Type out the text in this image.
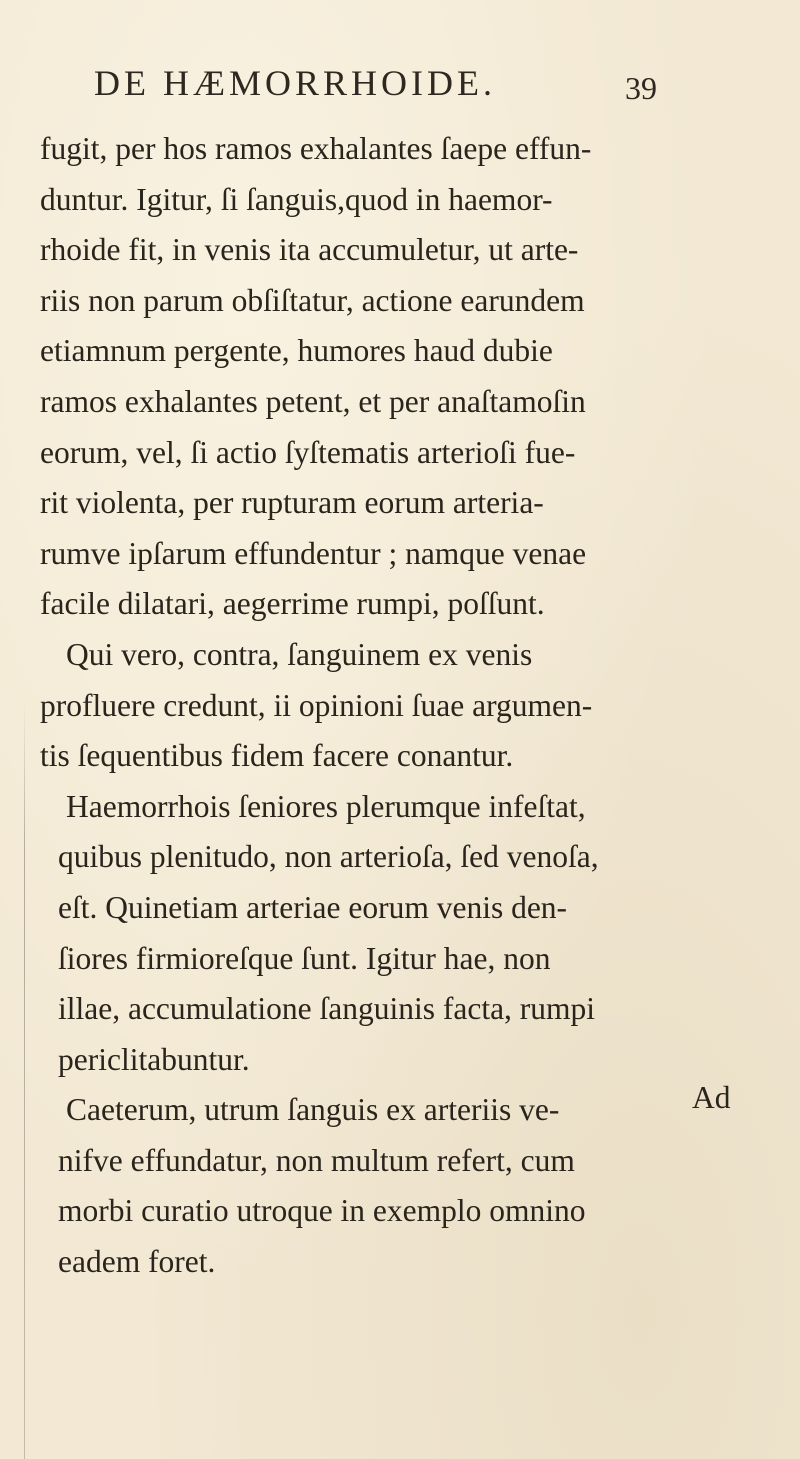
DE HÆMORRHOIDE.	39
fugit, per hos ramos exhalantes ſaepe effun-
duntur. Igitur, ſi ſanguis,quod in haemor-
rhoide fit, in venis ita accumuletur, ut arte-
riis non parum obſiſtatur, actione earundem
etiamnum pergente, humores haud dubie
ramos exhalantes petent, et per anaſtamoſin
eorum, vel, ſi actio ſyſtematis arterioſi fue-
rit violenta, per rupturam eorum arteria-
rumve ipſarum effundentur ; namque venae
facile dilatari, aegerrime rumpi, poſſunt.
Qui vero, contra, ſanguinem ex venis
profluere credunt, ii opinioni ſuae argumen-
tis ſequentibus fidem facere conantur.
Haemorrhois ſeniores plerumque infeſtat,
quibus plenitudo, non arterioſa, ſed venoſa,
eſt. Quinetiam arteriae eorum venis den-
ſiores firmioreſque ſunt. Igitur hae, non
illae, accumulatione ſanguinis facta, rumpi
periclitabuntur.
Caeterum, utrum ſanguis ex arteriis ve-
nifve effundatur, non multum refert, cum
morbi curatio utroque in exemplo omnino
eadem foret.
Ad
